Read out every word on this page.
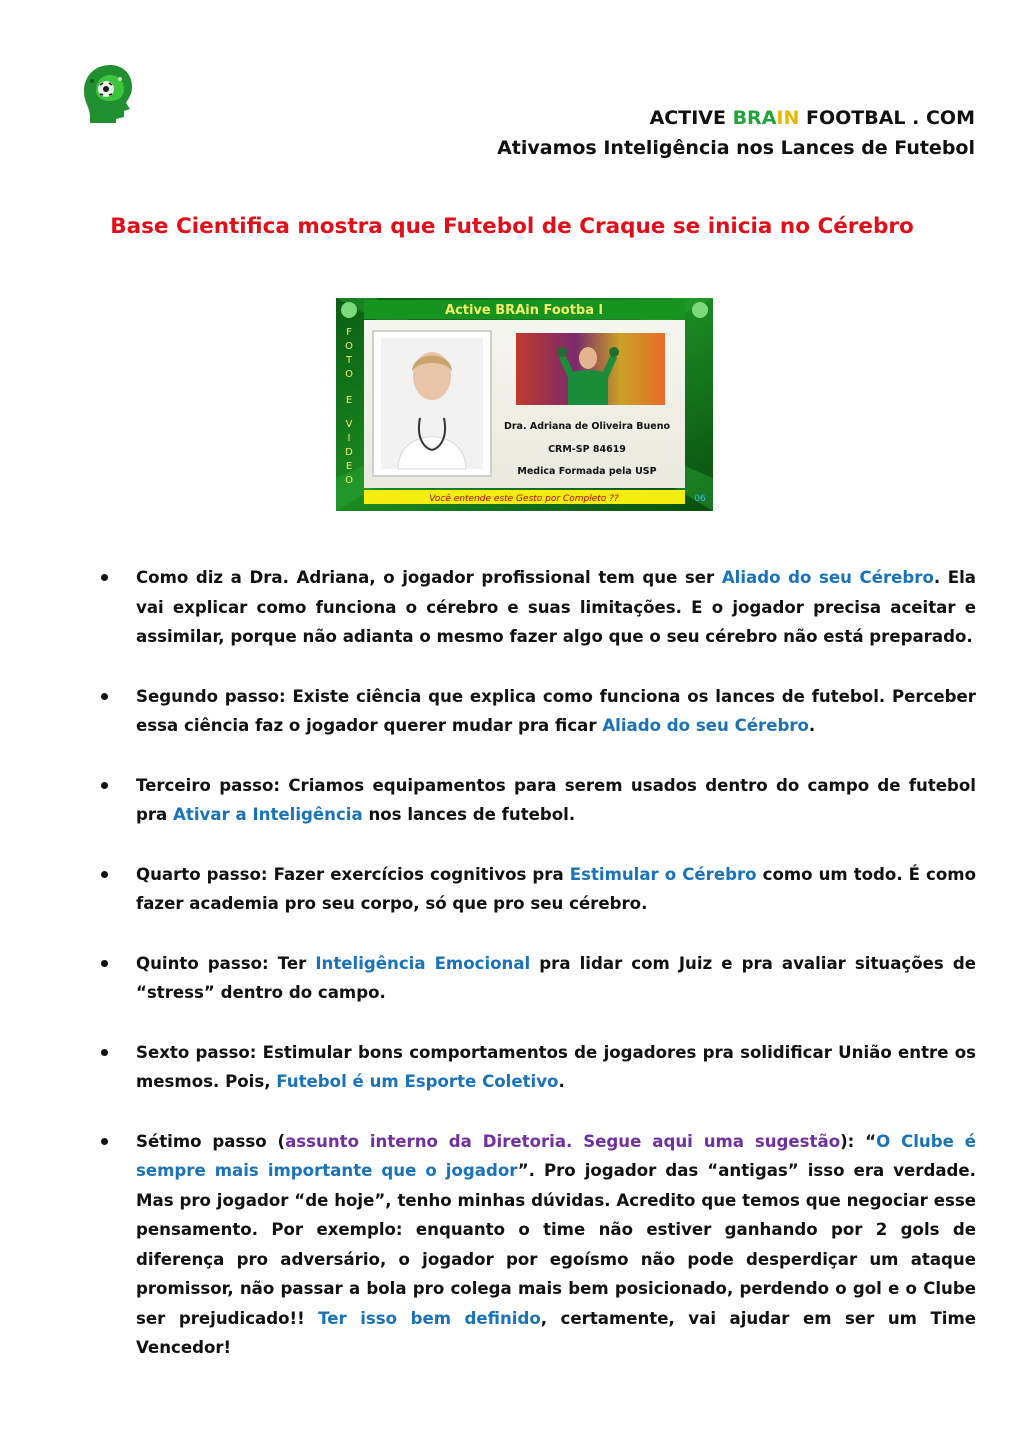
ACTIVE BRAIN FOOTBAL . COM
Ativamos Inteligência nos Lances de Futebol
Base Cientifica mostra que Futebol de Craque se inicia no Cérebro
Active BRAin Footba l
Dra. Adriana de Oliveira Bueno
CRM-SP 84619
Medica Formada pela USP
F
O
T
O
E
V
I
D
E
O
Você entende este Gesto por Completo ??	06
Como diz a Dra. Adriana, o jogador profissional tem que ser Aliado do seu Cérebro. Ela vai explicar como funciona o cérebro e suas limitações. E o jogador precisa aceitar e assimilar, porque não adianta o mesmo fazer algo que o seu cérebro não está preparado.
Segundo passo: Existe ciência que explica como funciona os lances de futebol. Perceber essa ciência faz o jogador querer mudar pra ficar Aliado do seu Cérebro.
Terceiro passo: Criamos equipamentos para serem usados dentro do campo de futebol pra Ativar a Inteligência nos lances de futebol.
Quarto passo: Fazer exercícios cognitivos pra Estimular o Cérebro como um todo. É como fazer academia pro seu corpo, só que pro seu cérebro.
Quinto passo: Ter Inteligência Emocional pra lidar com Juiz e pra avaliar situações de “stress” dentro do campo.
Sexto passo: Estimular bons comportamentos de jogadores pra solidificar União entre os mesmos. Pois, Futebol é um Esporte Coletivo.
Sétimo passo (assunto interno da Diretoria. Segue aqui uma sugestão): “O Clube é sempre mais importante que o jogador”. Pro jogador das “antigas” isso era verdade. Mas pro jogador “de hoje”, tenho minhas dúvidas. Acredito que temos que negociar esse pensamento. Por exemplo: enquanto o time não estiver ganhando por 2 gols de diferença pro adversário, o jogador por egoísmo não pode desperdiçar um ataque promissor, não passar a bola pro colega mais bem posicionado, perdendo o gol e o Clube ser prejudicado!! Ter isso bem definido, certamente, vai ajudar em ser um Time Vencedor!
